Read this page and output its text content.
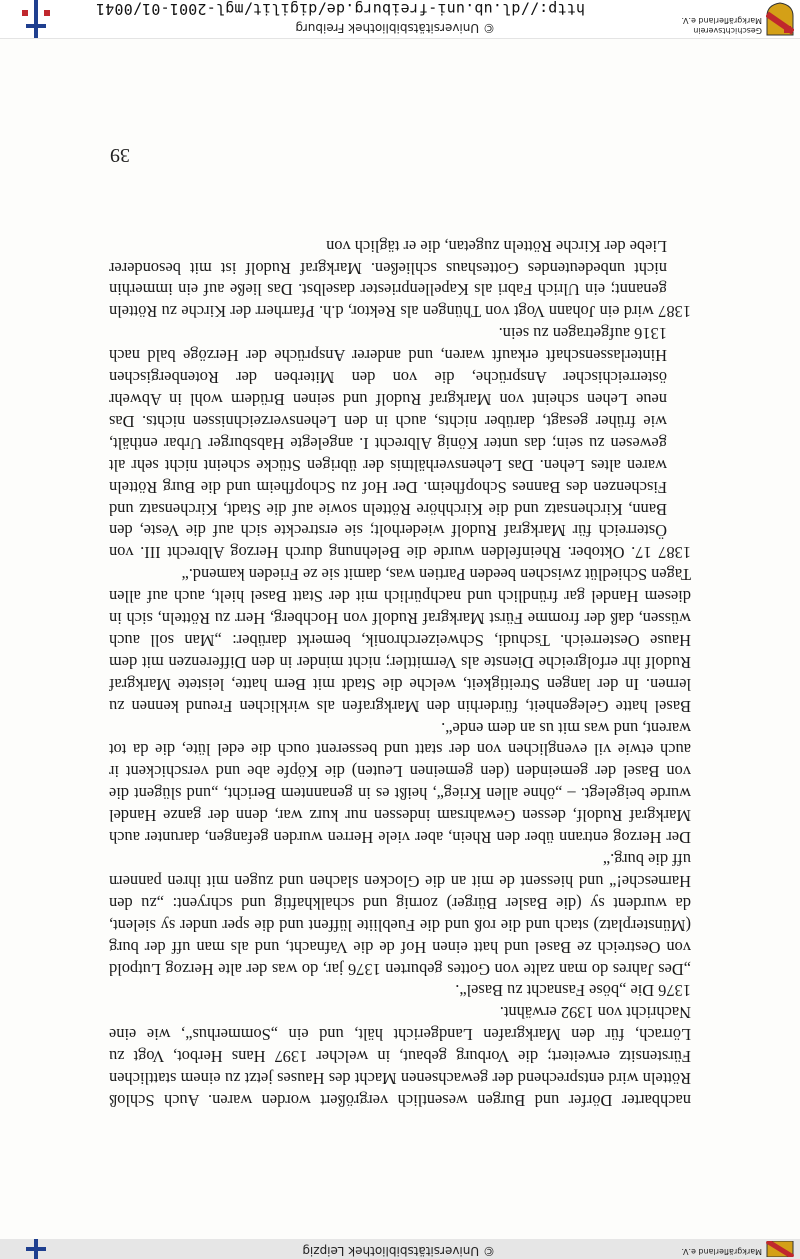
Markgräflerland e.V.
© Universitätsbibliothek Leipzig

nachbarter Dörfer und Burgen wesentlich vergrößert worden waren. Auch Schloß Rötteln wird entsprechend der gewachsenen Macht des Hauses jetzt zu einem stattlichen Fürstensitz erweitert; die Vorburg gebaut, in welcher 1397 Hans Herbot, Vogt zu Lörrach, für den Markgrafen Landgericht hält, und ein „Sommerhus“, wie eine Nachricht von 1392 erwähnt.

1376 Die „böse Fasnacht zu Basel“.

„Des Jahres do man zalte von Gottes geburten 1376 jar, do was der alte Herzog Lutpold von Oestreich ze Basel und hatt einen Hof de die Vafnacht, und als man uff der burg (Münsterplatz) stach und die roß und die Fuebliite lüffent und die sper under sy sielent, da wurdent sy (die Basler Bürger) zornig und schalkhaftig und schryent: „zu den Harnesche!“ und hiessent de mit an die Glocken slachen und zugen mit ihren pannern uff die burg.“

Der Herzog entrann über den Rhein, aber viele Herren wurden gefangen, darunter auch Markgraf Rudolf, dessen Gewahrsam indessen nur kurz war, denn der ganze Handel wurde beigelegt. – „öhne allen Krieg“, heißt es in genanntem Bericht, „und slügent die von Basel der gemeinden (den gemeinen Leuten) die Köpfe abe und verschickent ir auch etwie vil evenglichen von der statt und besserent ouch die edel lüte, die da tot warent, und was mit us an dem ende“.

Basel hatte Gelegenheit, fürderhin den Markgrafen als wirklichen Freund kennen zu lernen. In der langen Streitigkeit, welche die Stadt mit Bern hatte, leistete Markgraf Rudolf ihr erfolgreiche Dienste als Vermittler; nicht minder in den Differenzen mit dem Hause Oesterreich. Tschudi, Schweizerchronik, bemerkt darüber: „Man soll auch wüssen, daß der fromme Fürst Markgraf Rudolf von Hochberg, Herr zu Rötteln, sich in diesem Handel gar fründlich und nachpürlich mit der Statt Basel hielt, auch auf allen Tagen Schiedlüt zwischen beeden Partien was, damit sie ze Frieden kamend.“

1387 17. Oktober. Rheinfelden wurde die Belehnung durch Herzog Albrecht III. von Österreich für Markgraf Rudolf wiederholt; sie erstreckte sich auf die Veste, den Bann, Kirchensatz und die Kirchhöre Rötteln sowie auf die Stadt, Kirchensatz und Fischenzen des Bannes Schopfheim. Der Hof zu Schopfheim und die Burg Rötteln waren altes Lehen. Das Lehensverhältnis der übrigen Stücke scheint nicht sehr alt gewesen zu sein; das unter König Albrecht I. angelegte Habsburger Urbar enthält, wie früher gesagt, darüber nichts, auch in den Lehensverzeichnissen nichts. Das neue Lehen scheint von Markgraf Rudolf und seinen Brüdern wohl in Abwehr österreichischer Ansprüche, die von den Miterben der Rotenbergischen Hinterlassenschaft erkauft waren, und anderer Ansprüche der Herzöge bald nach 1316 aufgetragen zu sein.

1387 wird ein Johann Vogt von Thüngen als Rektor, d.h. Pfarrherr der Kirche zu Rötteln genannt; ein Ulrich Fabri als Kapellenpriester daselbst. Das ließe auf ein immerhin nicht unbedeutendes Gotteshaus schließen. Markgraf Rudolf ist mit besonderer Liebe der Kirche Rötteln zugetan, die er täglich von

39
Geschichtsverein
Markgräflerland e.V.
© Universitätsbibliothek Freiburg
http://dl.ub.uni-freiburg.de/digilit/mgl-2001-01/0041
